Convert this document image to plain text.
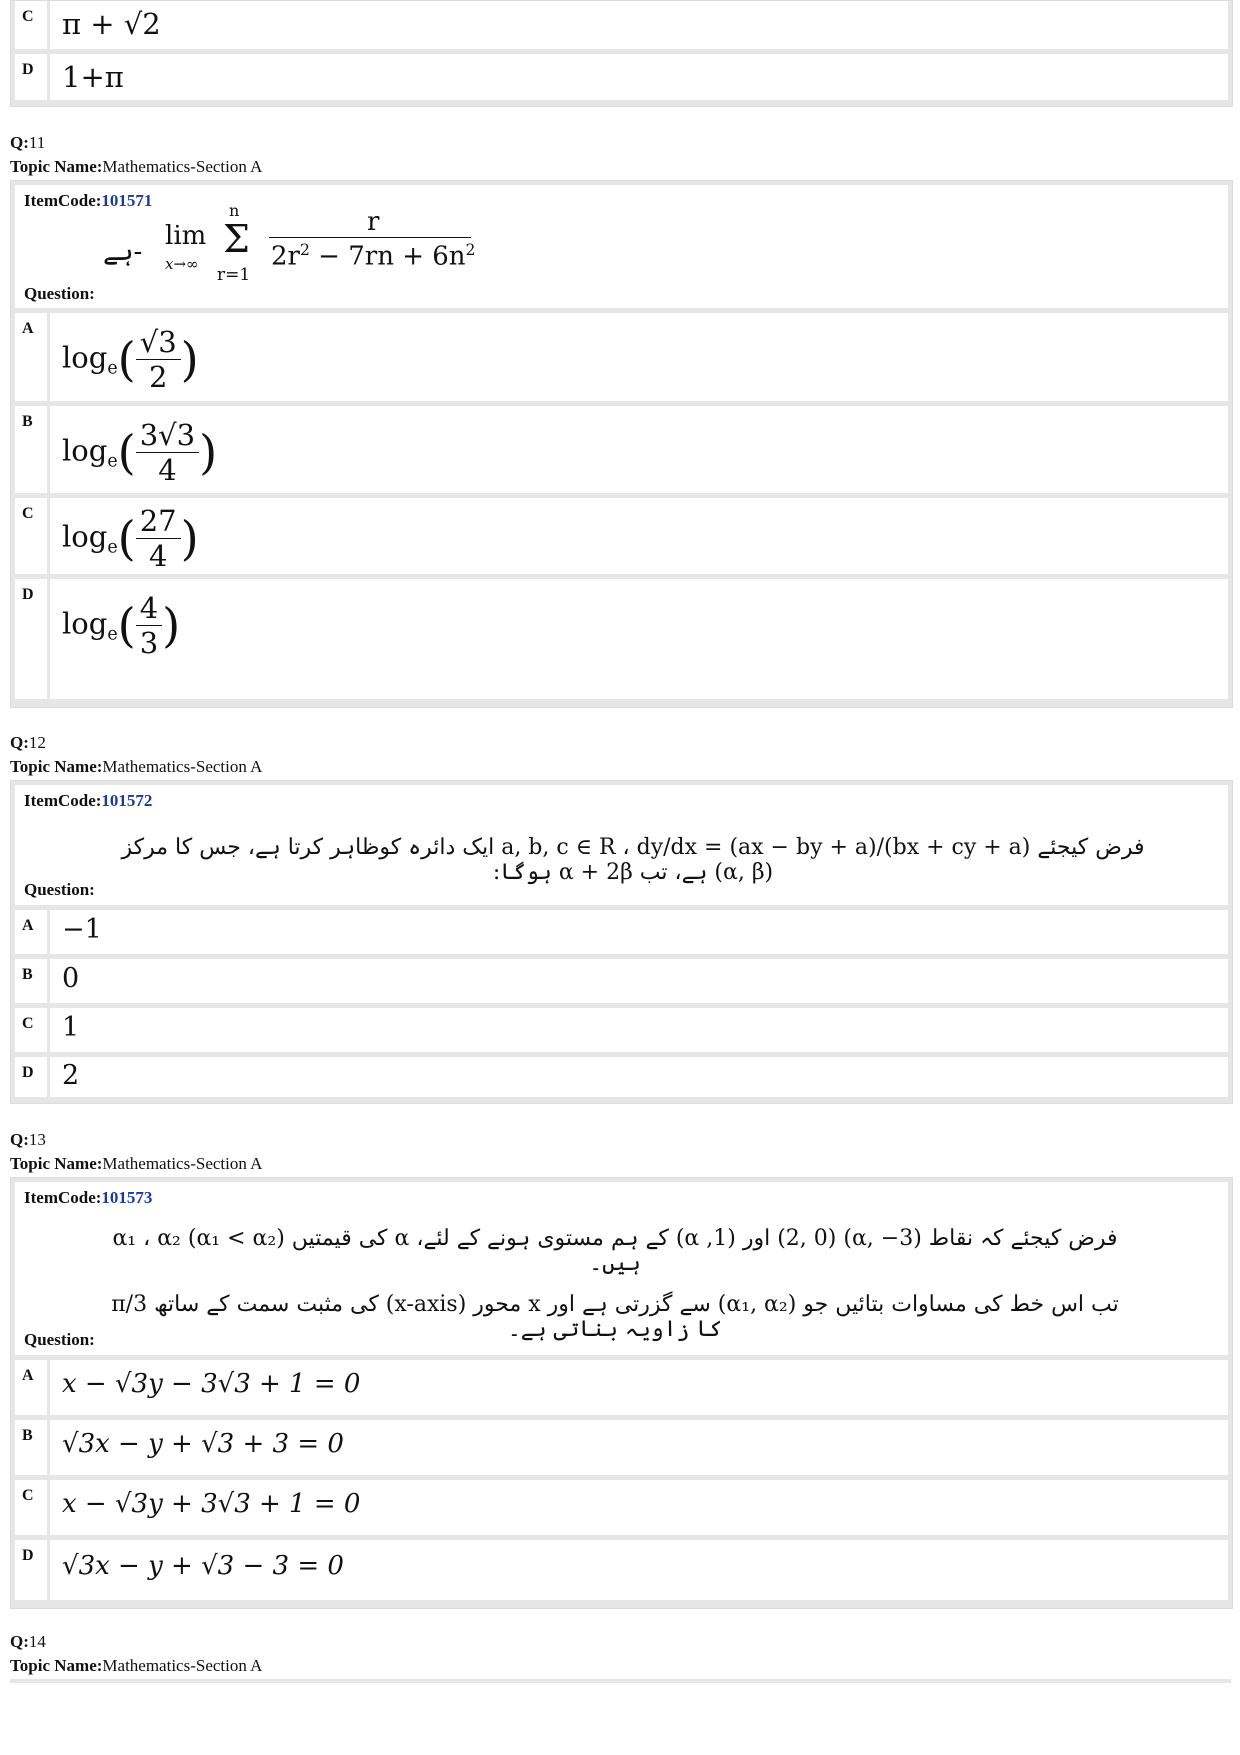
C π + √2
D 1+π
Q:11
Topic Name:Mathematics-Section A
ItemCode:101571
-ہے
lim
x→∞
n
Σ
r=1
r
$2r^2 - 7rn + 6n^2$
Question:
A
$\log_e( \frac{√3}{2}$ )
B
$\log_e( \frac{3√3}{4}$ )
C
$\log_e( \frac{27}{4}$ )
D
$\log_e( \frac{4}{3}$ )
Q:12
Topic Name:Mathematics-Section A
ItemCode:101572
فرض کیجئے a, b, c ∈ R ، dy/dx = (ax − by + a)/(bx + cy + a) ایک دائرہ کوظاہر کرتا ہے، جس کا مرکز (α, β) ہے، تب α + 2β ہوگا:
Question:
A −1
B 0
C 1
D 2
Q:13
Topic Name:Mathematics-Section A
ItemCode:101573
فرض کیجئے کہ نقاط (α, −3) (2, 0) اور (1, α) کے ہم مستوی ہونے کے لئے، α کی قیمتیں α₁ ، α₂ (α₁ < α₂) ہیں۔
تب اس خط کی مساوات بتائیں جو (α₁, α₂) سے گزرتی ہے اور x محور (x-axis) کی مثبت سمت کے ساتھ π/3 کا زاویہ بناتی ہے۔
Question:
A x − √3y − 3√3 + 1 = 0
B √3x − y + √3 + 3 = 0
C x − √3y + 3√3 + 1 = 0
D √3x − y + √3 − 3 = 0
Q:14
Topic Name:Mathematics-Section A
